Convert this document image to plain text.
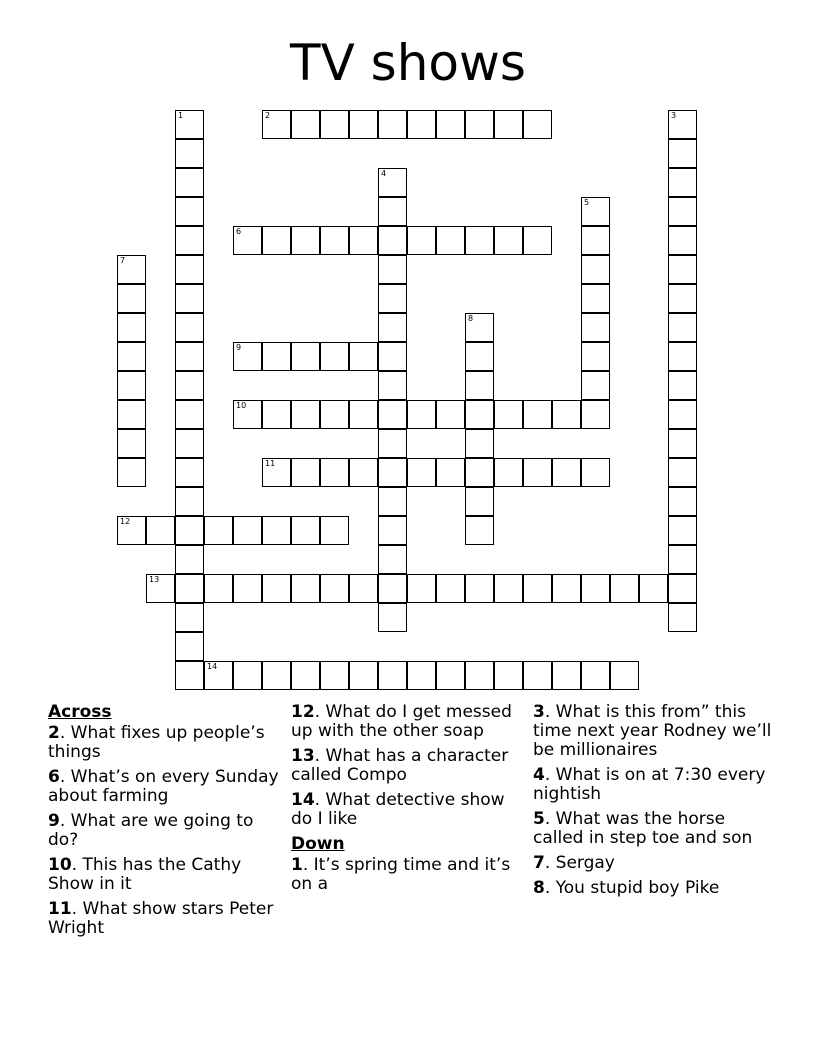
TV shows
1	2	3
4
5
6
7
8
9
10
11
12
13
14
Across
2. What fixes up people’s things
6. What’s on every Sunday about farming
9. What are we going to do?
10. This has the Cathy Show in it
11. What show stars Peter Wright
12. What do I get messed up with the other soap
13. What has a character called Compo
14. What detective show do I like
Down
1. It’s spring time and it’s on a
3. What is this from” this time next year Rodney we’ll be millionaires
4. What is on at 7:30 every nightish
5. What was the horse called in step toe and son
7. Sergay
8. You stupid boy Pike
